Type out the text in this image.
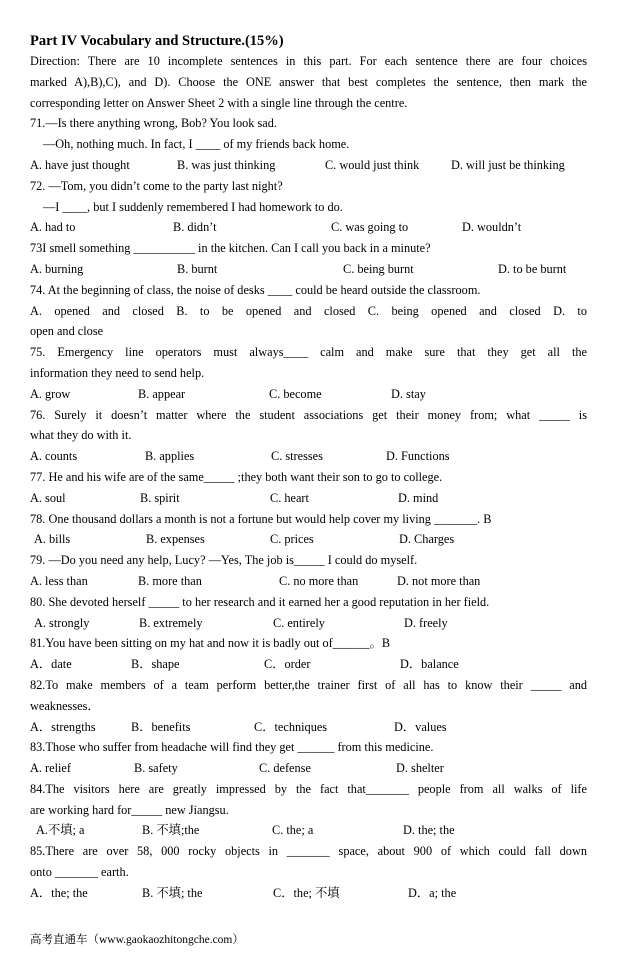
Part IV Vocabulary and Structure.(15%)
Direction: There are 10 incomplete sentences in this part. For each sentence there are four choices
marked A),B),C), and D). Choose the ONE answer that best completes the sentence, then mark the
corresponding letter on Answer Sheet 2 with a single line through the centre.
71.—Is there anything wrong, Bob? You look sad.
—Oh, nothing much. In fact, I ____ of my friends back home.
A. have just thought	B. was just thinking	C. would just think	D. will just be thinking
72. —Tom, you didn’t come to the party last night?
—I ____, but I suddenly remembered I had homework to do.
A. had to	B. didn’t	C. was going to	D. wouldn’t
73I smell something __________ in the kitchen. Can I call you back in a minute?
A. burning	B. burnt	C. being burnt	D. to be burnt
74. At the beginning of class, the noise of desks ____ could be heard outside the classroom.
A. opened and closed B. to be opened and closed C. being opened and closed D. to
open and close
75. Emergency line operators must always____ calm and make sure that they get all the
information they need to send help.
A. grow	B. appear	C. become	D. stay
76. Surely it doesn’t matter where the student associations get their money from; what _____ is
what they do with it.
A. counts	B. applies	C. stresses	D. Functions
77. He and his wife are of the same_____ ;they both want their son to go to college.
A. soul	B. spirit	C. heart	D. mind
78. One thousand dollars a month is not a fortune but would help cover my living _______. B
A. bills	B. expenses	C. prices	D. Charges
79. —Do you need any help, Lucy? —Yes, The job is_____ I could do myself.
A. less than	B. more than	C. no more than	D. not more than
80. She devoted herself _____ to her research and it earned her a good reputation in her field.
A. strongly	B. extremely	C. entirely	D. freely
81.You have been sitting on my hat and now it is badly out of______。B
A．date	B．shape	C．order	D．balance
82.To make members of a team perform better,the trainer first of all has to know their _____ and
weaknesses．
A．strengths	B．benefits	C．techniques	D．values
83.Those who suffer from headache will find they get ______ from this medicine.
A. relief	B. safety	C. defense	D. shelter
84.The visitors here are greatly impressed by the fact that_______ people from all walks of life
are working hard for_____ new Jiangsu.
A.不填; a	B. 不填;the	C. the; a	D. the; the
85.There are over 58, 000 rocky objects in _______ space, about 900 of which could fall down
onto _______ earth.
A．the; the	B. 不填; the	C．the; 不填	D．a; the
高考直通车（www.gaokaozhitongche.com）
